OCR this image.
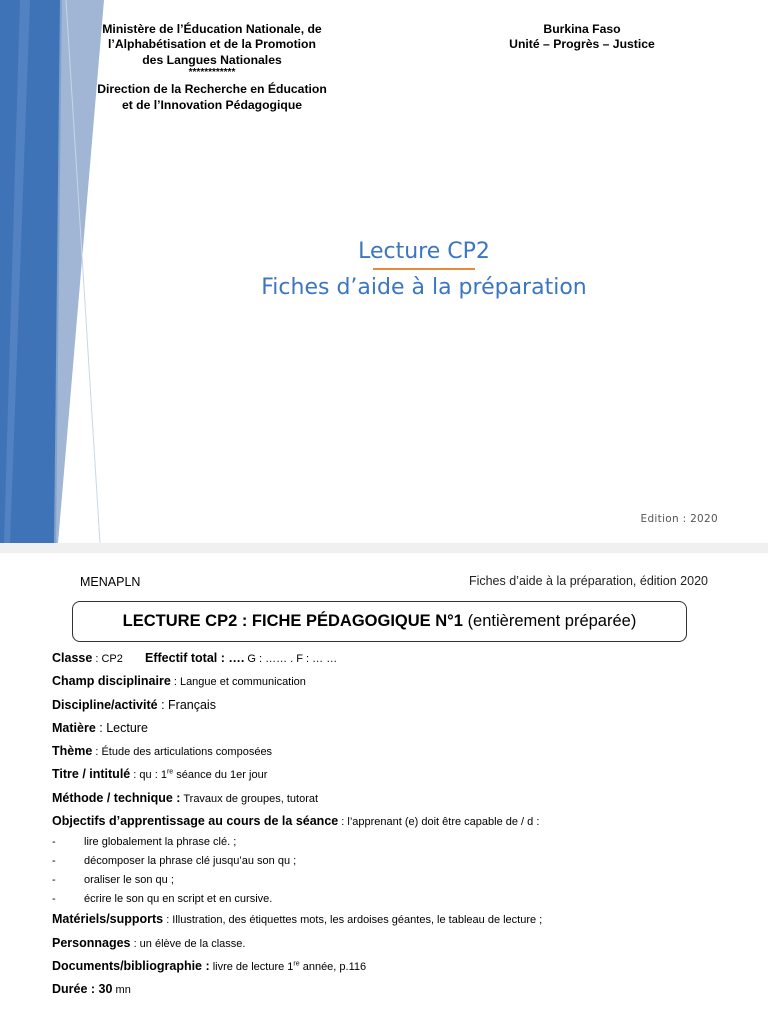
Ministère de l’Éducation Nationale, de
l’Alphabétisation et de la Promotion
des Langues Nationales
************
Direction de la Recherche en Éducation
et de l’Innovation Pédagogique
Burkina Faso
Unité – Progrès – Justice
Lecture CP2
Fiches d’aide à la préparation
Edition : 2020
MENAPLN	Fiches d’aide à la préparation, édition 2020
LECTURE CP2 : FICHE PÉDAGOGIQUE N°1
(entièrement préparée)
Classe : CP2 Effectif total : …. G : …… . F : … …
Champ disciplinaire : Langue et communication
Discipline/activité : Français
Matière : Lecture
Thème : Étude des articulations composées
Titre / intitulé : qu : 1re séance du 1er jour
Méthode / technique : Travaux de groupes, tutorat
Objectifs d’apprentissage au cours de la séance : l’apprenant (e) doit être capable de / d :
-	lire globalement la phrase clé. ;
-	décomposer la phrase clé jusqu’au son qu ;
-	oraliser le son qu ;
-	écrire le son qu en script et en cursive.
Matériels/supports : Illustration, des étiquettes mots, les ardoises géantes, le tableau de lecture ;
Personnages : un élève de la classe.
Documents/bibliographie : livre de lecture 1re année, p.116
Durée : 30 mn
